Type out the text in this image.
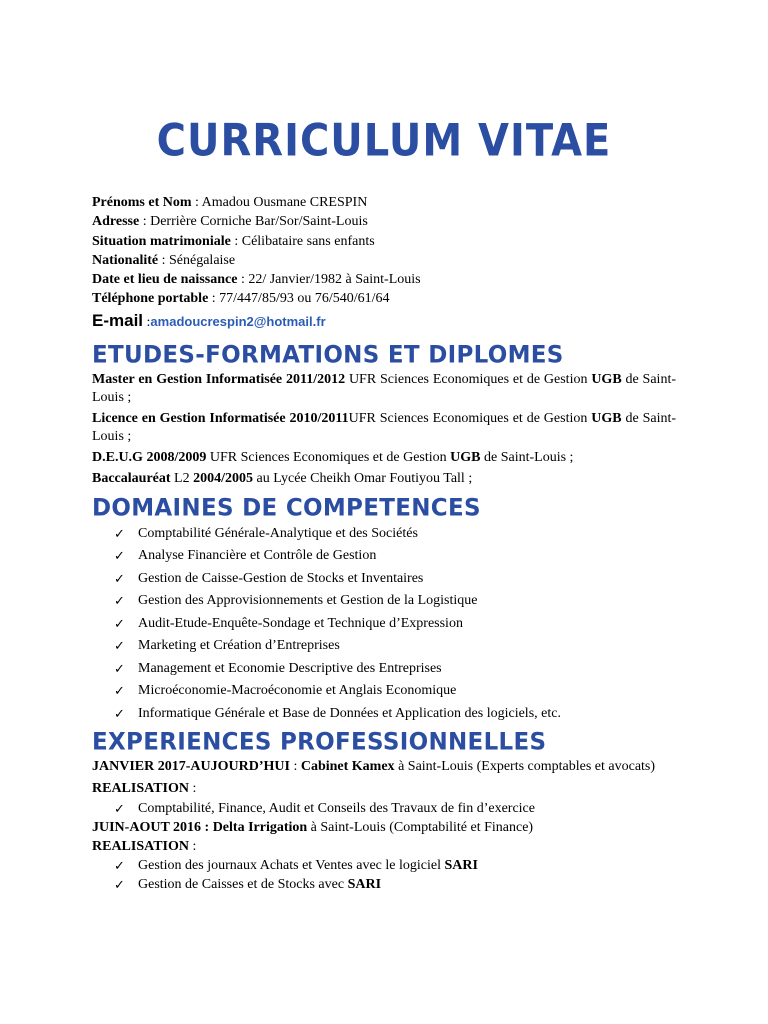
CURRICULUM VITAE
Prénoms et Nom : Amadou Ousmane CRESPIN
Adresse : Derrière Corniche Bar/Sor/Saint-Louis
Situation matrimoniale : Célibataire sans enfants
Nationalité : Sénégalaise
Date et lieu de naissance : 22/ Janvier/1982 à Saint-Louis
Téléphone portable : 77/447/85/93 ou 76/540/61/64
E-mail :amadoucrespin2@hotmail.fr
ETUDES-FORMATIONS ET DIPLOMES
Master en Gestion Informatisée 2011/2012 UFR Sciences Economiques et de Gestion UGB de Saint-Louis ;
Licence en Gestion Informatisée 2010/2011UFR Sciences Economiques et de Gestion UGB de Saint-Louis ;
D.E.U.G 2008/2009 UFR Sciences Economiques et de Gestion UGB de Saint-Louis ;
Baccalauréat L2 2004/2005 au Lycée Cheikh Omar Foutiyou Tall ;
DOMAINES DE COMPETENCES
✓ Comptabilité Générale-Analytique et des Sociétés
✓ Analyse Financière et Contrôle de Gestion
✓ Gestion de Caisse-Gestion de Stocks et Inventaires
✓ Gestion des Approvisionnements et Gestion de la Logistique
✓ Audit-Etude-Enquête-Sondage et Technique d’Expression
✓ Marketing et Création d’Entreprises
✓ Management et Economie Descriptive des Entreprises
✓ Microéconomie-Macroéconomie et Anglais Economique
✓ Informatique Générale et Base de Données et Application des logiciels, etc.
EXPERIENCES PROFESSIONNELLES
JANVIER 2017-AUJOURD’HUI : Cabinet Kamex à Saint-Louis (Experts comptables et avocats)
REALISATION :
✓ Comptabilité, Finance, Audit et Conseils des Travaux de fin d’exercice
JUIN-AOUT 2016 : Delta Irrigation à Saint-Louis (Comptabilité et Finance)
REALISATION :
✓ Gestion des journaux Achats et Ventes avec le logiciel SARI
✓ Gestion de Caisses et de Stocks avec SARI
